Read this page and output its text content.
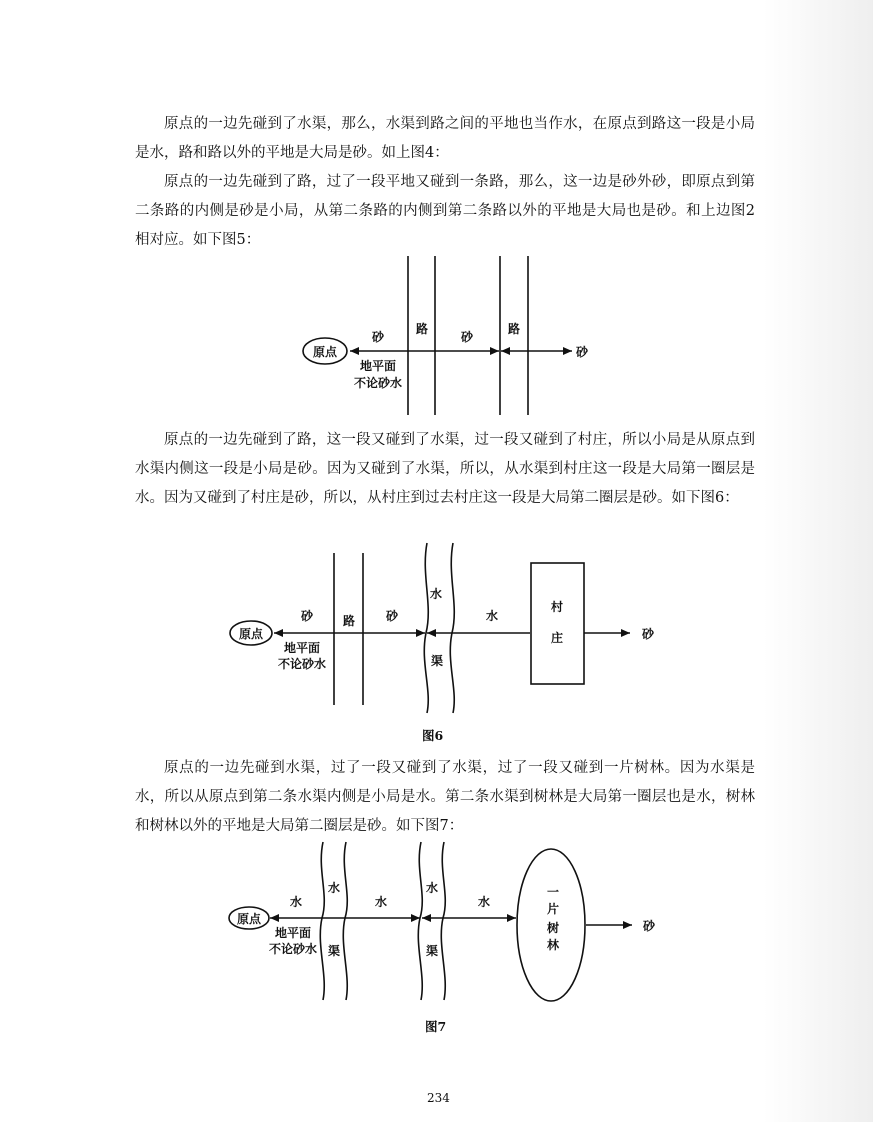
原点的一边先碰到了水渠，那么，水渠到路之间的平地也当作水，在原点到路这一段是小局是水，路和路以外的平地是大局是砂。如上图4：

原点的一边先碰到了路，过了一段平地又碰到一条路，那么，这一边是砂外砂，即原点到第二条路的内侧是砂是小局，从第二条路的内侧到第二条路以外的平地是大局也是砂。和上边图2 相对应。如下图5：

原点的一边先碰到了路，这一段又碰到了水渠，过一段又碰到了村庄，所以小局是从原点到水渠内侧这一段是小局是砂。因为又碰到了水渠，所以，从水渠到村庄这一段是大局第一圈层是水。因为又碰到了村庄是砂，所以，从村庄到过去村庄这一段是大局第二圈层是砂。如下图6：

原点的一边先碰到水渠，过了一段又碰到了水渠，过了一段又碰到一片树林。因为水渠是水，所以从原点到第二条水渠内侧是小局是水。第二条水渠到树林是大局第一圈层也是水，树林和树林以外的平地是大局第二圈层是砂。如下图7：

原点
砂
路
砂
路
砂
地平面
不论砂水
原点
砂 路	砂
水
渠
水
村
庄	砂
地平面
不论砂水
原点
水
水
渠
水
水
渠
水
一
片
树
林
砂
地平面
不论砂水
图6
图7
234
